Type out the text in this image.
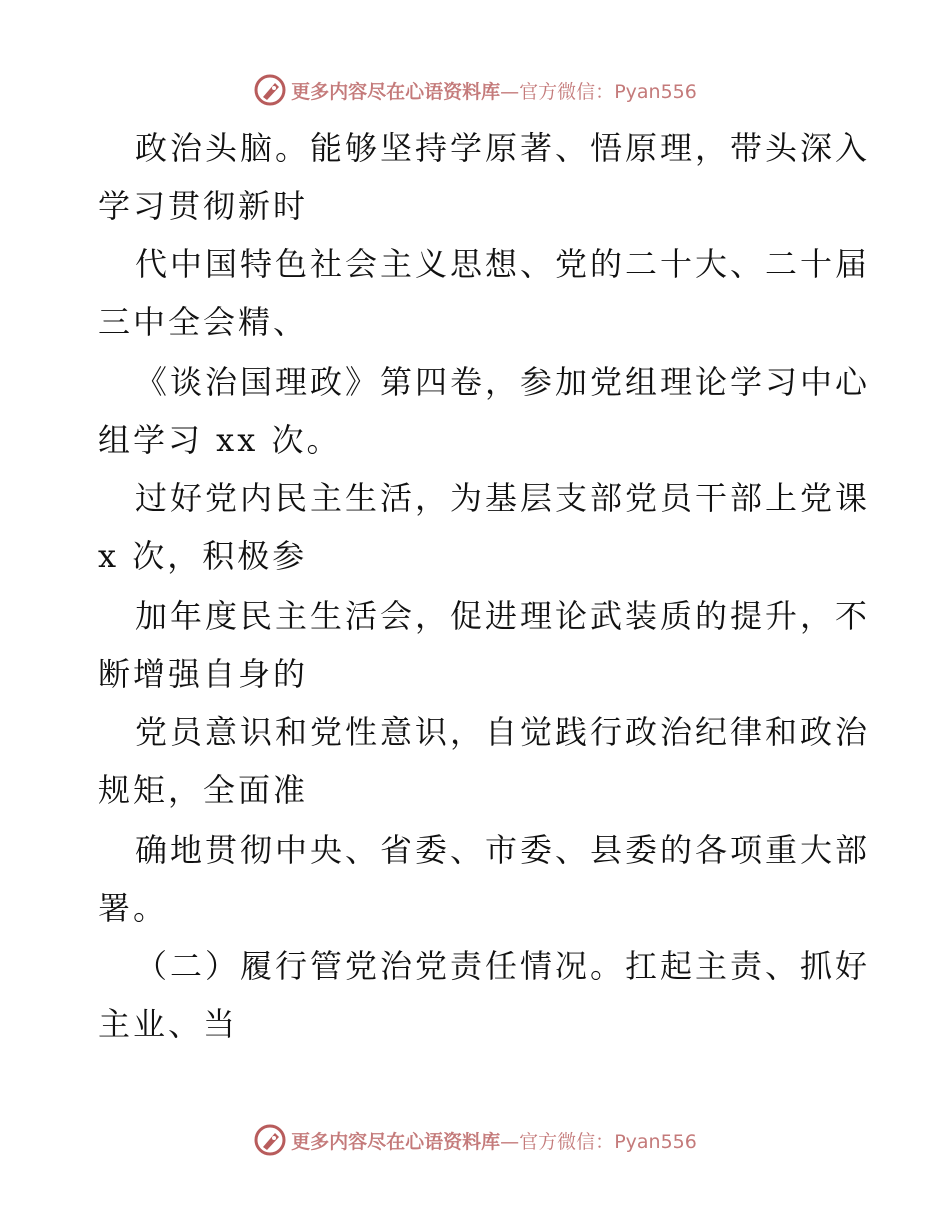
更多内容尽在心语资料库—官方微信：Pyan556
政治头脑。能够坚持学原著、悟原理，带头深入
学习贯彻新时
代中国特色社会主义思想、党的二十大、二十届
三中全会精、
《谈治国理政》第四卷，参加党组理论学习中心
组学习 xx 次。
过好党内民主生活，为基层支部党员干部上党课
x 次，积极参
加年度民主生活会，促进理论武装质的提升，不
断增强自身的
党员意识和党性意识，自觉践行政治纪律和政治
规矩，全面准
确地贯彻中央、省委、市委、县委的各项重大部
署。
（二）履行管党治党责任情况。扛起主责、抓好
主业、当
更多内容尽在心语资料库—官方微信：Pyan556
